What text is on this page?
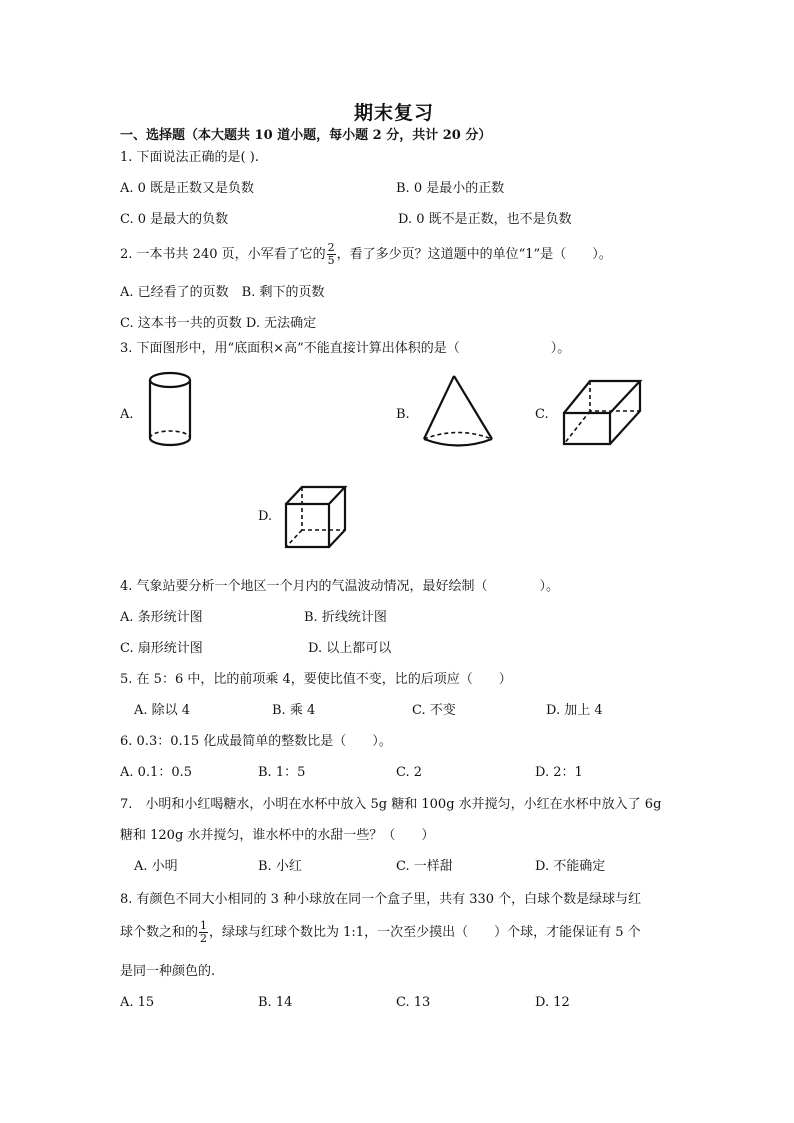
期末复习
一、选择题（本大题共 10 道小题，每小题 2 分，共计 20 分）
1. 下面说法正确的是( ).
A. 0 既是正数又是负数	B. 0 是最小的正数
C. 0 是最大的负数	D. 0 既不是正数，也不是负数
2. 一本书共 240 页，小军看了它的 $\frac{2}{5}$ ，看了多少页？这道题中的单位“1”是（　　）。
A. 已经看了的页数　B. 剩下的页数
C. 这本书一共的页数 D. 无法确定
3. 下面图形中，用“底面积×高”不能直接计算出体积的是（　　　　　　　）。
A.	B.	C.
D.
4. 气象站要分析一个地区一个月内的气温波动情况，最好绘制（　　　　）。
A. 条形统计图	B. 折线统计图
C. 扇形统计图	D. 以上都可以
5. 在 5：6 中，比的前项乘 4，要使比值不变，比的后项应（　　）
A. 除以 4	B. 乘 4	C. 不变	D. 加上 4
6. 0.3：0.15 化成最简单的整数比是（　　）。
A. 0.1：0.5	B. 1：5	C. 2	D. 2：1
7.　小明和小红喝糖水，小明在水杯中放入 5g 糖和 100g 水并搅匀，小红在水杯中放入了 6g
糖和 120g 水并搅匀，谁水杯中的水甜一些？（　　）
A. 小明	B. 小红	C. 一样甜	D. 不能确定
8. 有颜色不同大小相同的 3 种小球放在同一个盒子里，共有 330 个，白球个数是绿球与红
球个数之和的 $\frac{1}{2}$ ，绿球与红球个数比为 1:1，一次至少摸出（　　）个球，才能保证有 5 个
是同一种颜色的.
A. 15	B. 14	C. 13	D. 12
